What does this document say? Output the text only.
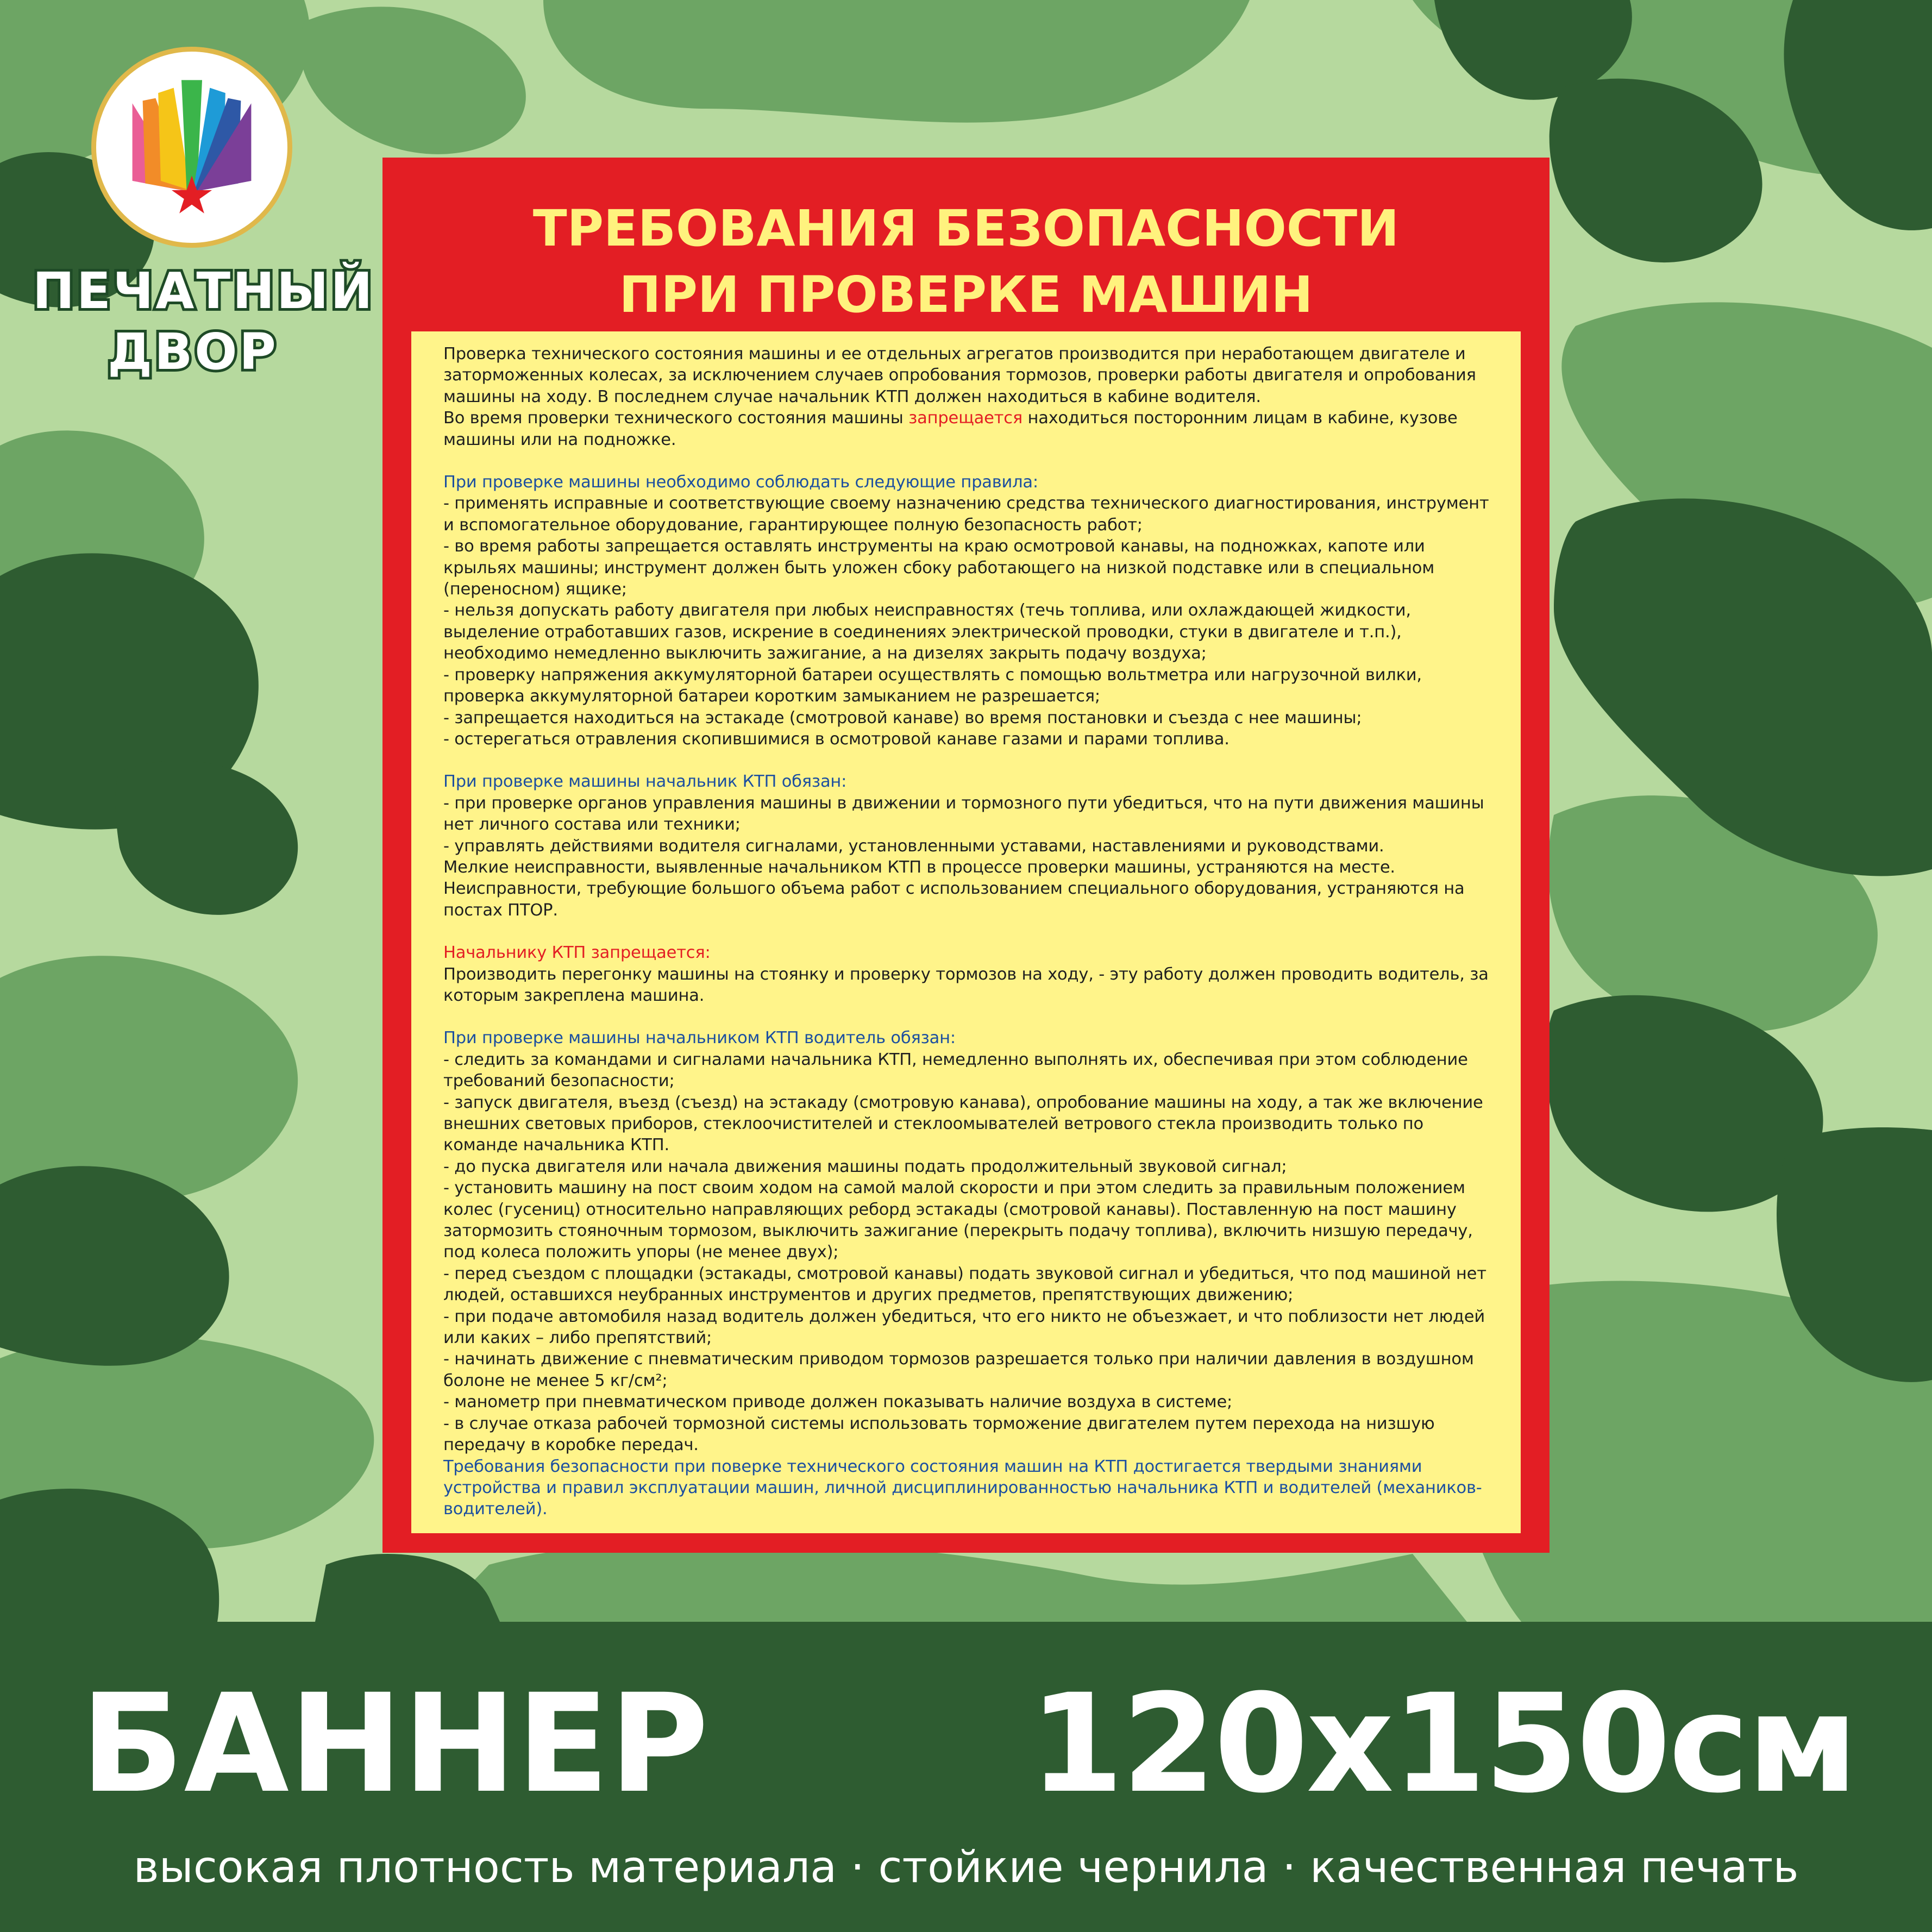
ПЕЧАТНЫЙ
ДВОР
ТРЕБОВАНИЯ БЕЗОПАСНОСТИ
ПРИ ПРОВЕРКЕ МАШИН

Проверка технического состояния машины и ее отдельных агрегатов производится при неработающем двигателе и заторможенных колесах, за исключением случаев опробования тормозов, проверки работы двигателя и опробования машины на ходу. В последнем случае начальник КТП должен находиться в кабине водителя.

Во время проверки технического состояния машины запрещается находиться посторонним лицам в кабине, кузове машины или на подножке.

При проверке машины необходимо соблюдать следующие правила:

- применять исправные и соответствующие своему назначению средства технического диагностирования, инструмент и вспомогательное оборудование, гарантирующее полную безопасность работ;

- во время работы запрещается оставлять инструменты на краю осмотровой канавы, на подножках, капоте или крыльях машины; инструмент должен быть уложен сбоку работающего на низкой подставке или в специальном (переносном) ящике;

- нельзя допускать работу двигателя при любых неисправностях (течь топлива, или охлаждающей жидкости, выделение отработавших газов, искрение в соединениях электрической проводки, стуки в двигателе и т.п.), необходимо немедленно выключить зажигание, а на дизелях закрыть подачу воздуха;

- проверку напряжения аккумуляторной батареи осуществлять с помощью вольтметра или нагрузочной вилки, проверка аккумуляторной батареи коротким замыканием не разрешается;

- запрещается находиться на эстакаде (смотровой канаве) во время постановки и съезда с нее машины;

- остерегаться отравления скопившимися в осмотровой канаве газами и парами топлива.

При проверке машины начальник КТП обязан:

- при проверке органов управления машины в движении и тормозного пути убедиться, что на пути движения машины нет личного состава или техники;

- управлять действиями водителя сигналами, установленными уставами, наставлениями и руководствами.

Мелкие неисправности, выявленные начальником КТП в процессе проверки машины, устраняются на месте.

Неисправности, требующие большого объема работ с использованием специального оборудования, устраняются на постах ПТОР.

Начальнику КТП запрещается:

Производить перегонку машины на стоянку и проверку тормозов на ходу, - эту работу должен проводить водитель, за которым закреплена машина.

При проверке машины начальником КТП водитель обязан:

- следить за командами и сигналами начальника КТП, немедленно выполнять их, обеспечивая при этом соблюдение требований безопасности;

- запуск двигателя, въезд (съезд) на эстакаду (смотровую канава), опробование машины на ходу, а так же включение внешних световых приборов, стеклоочистителей и стеклоомывателей ветрового стекла производить только по команде начальника КТП.

- до пуска двигателя или начала движения машины подать продолжительный звуковой сигнал;

- установить машину на пост своим ходом на самой малой скорости и при этом следить за правильным положением колес (гусениц) относительно направляющих реборд эстакады (смотровой канавы). Поставленную на пост машину затормозить стояночным тормозом, выключить зажигание (перекрыть подачу топлива), включить низшую передачу, под колеса положить упоры (не менее двух);

- перед съездом с площадки (эстакады, смотровой канавы) подать звуковой сигнал и убедиться, что под машиной нет людей, оставшихся неубранных инструментов и других предметов, препятствующих движению;

- при подаче автомобиля назад водитель должен убедиться, что его никто не объезжает, и что поблизости нет людей или каких – либо препятствий;

- начинать движение с пневматическим приводом тормозов разрешается только при наличии давления в воздушном болоне не менее 5 кг/см²;

- манометр при пневматическом приводе должен показывать наличие воздуха в системе;

- в случае отказа рабочей тормозной системы использовать торможение двигателем путем перехода на низшую передачу в коробке передач.

Требования безопасности при поверке технического состояния машин на КТП достигается твердыми знаниями устройства и правил эксплуатации машин, личной дисциплинированностью начальника КТП и водителей (механиков-водителей).

БАННЕР 120х150см
высокая плотность материала · стойкие чернила · качественная печать
